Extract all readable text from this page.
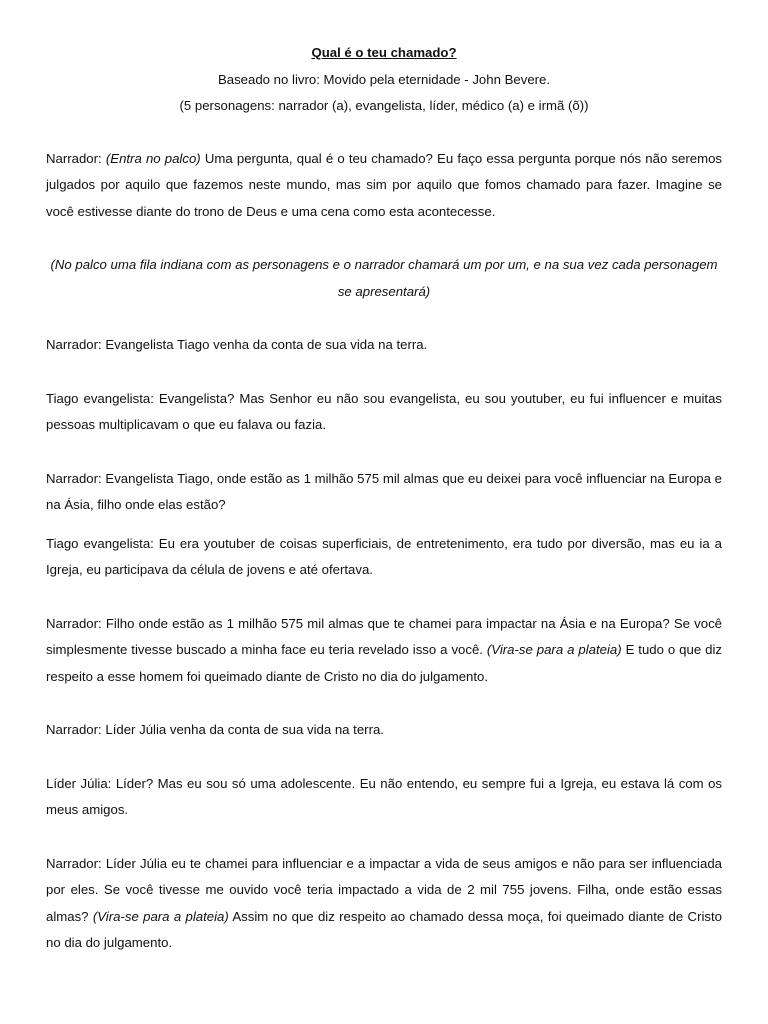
Qual é o teu chamado?

Baseado no livro: Movido pela eternidade - John Bevere.

(5 personagens: narrador (a), evangelista, líder, médico (a) e irmã (õ))

Narrador: (Entra no palco) Uma pergunta, qual é o teu chamado? Eu faço essa pergunta porque nós não seremos julgados por aquilo que fazemos neste mundo, mas sim por aquilo que fomos chamado para fazer. Imagine se você estivesse diante do trono de Deus e uma cena como esta acontecesse.

(No palco uma fila indiana com as personagens e o narrador chamará um por um, e na sua vez cada personagem se apresentará)

Narrador: Evangelista Tiago venha da conta de sua vida na terra.

Tiago evangelista: Evangelista? Mas Senhor eu não sou evangelista, eu sou youtuber, eu fui influencer e muitas pessoas multiplicavam o que eu falava ou fazia.

Narrador: Evangelista Tiago, onde estão as 1 milhão 575 mil almas que eu deixei para você influenciar na Europa e na Ásia, filho onde elas estão?

Tiago evangelista: Eu era youtuber de coisas superficiais, de entretenimento, era tudo por diversão, mas eu ia a Igreja, eu participava da célula de jovens e até ofertava.

Narrador: Filho onde estão as 1 milhão 575 mil almas que te chamei para impactar na Ásia e na Europa? Se você simplesmente tivesse buscado a minha face eu teria revelado isso a você. (Vira-se para a plateia) E tudo o que diz respeito a esse homem foi queimado diante de Cristo no dia do julgamento.

Narrador: Líder Júlia venha da conta de sua vida na terra.

Líder Júlia: Líder? Mas eu sou só uma adolescente. Eu não entendo, eu sempre fui a Igreja, eu estava lá com os meus amigos.

Narrador: Líder Júlia eu te chamei para influenciar e a impactar a vida de seus amigos e não para ser influenciada por eles. Se você tivesse me ouvido você teria impactado a vida de 2 mil 755 jovens. Filha, onde estão essas almas? (Vira-se para a plateia) Assim no que diz respeito ao chamado dessa moça, foi queimado diante de Cristo no dia do julgamento.
